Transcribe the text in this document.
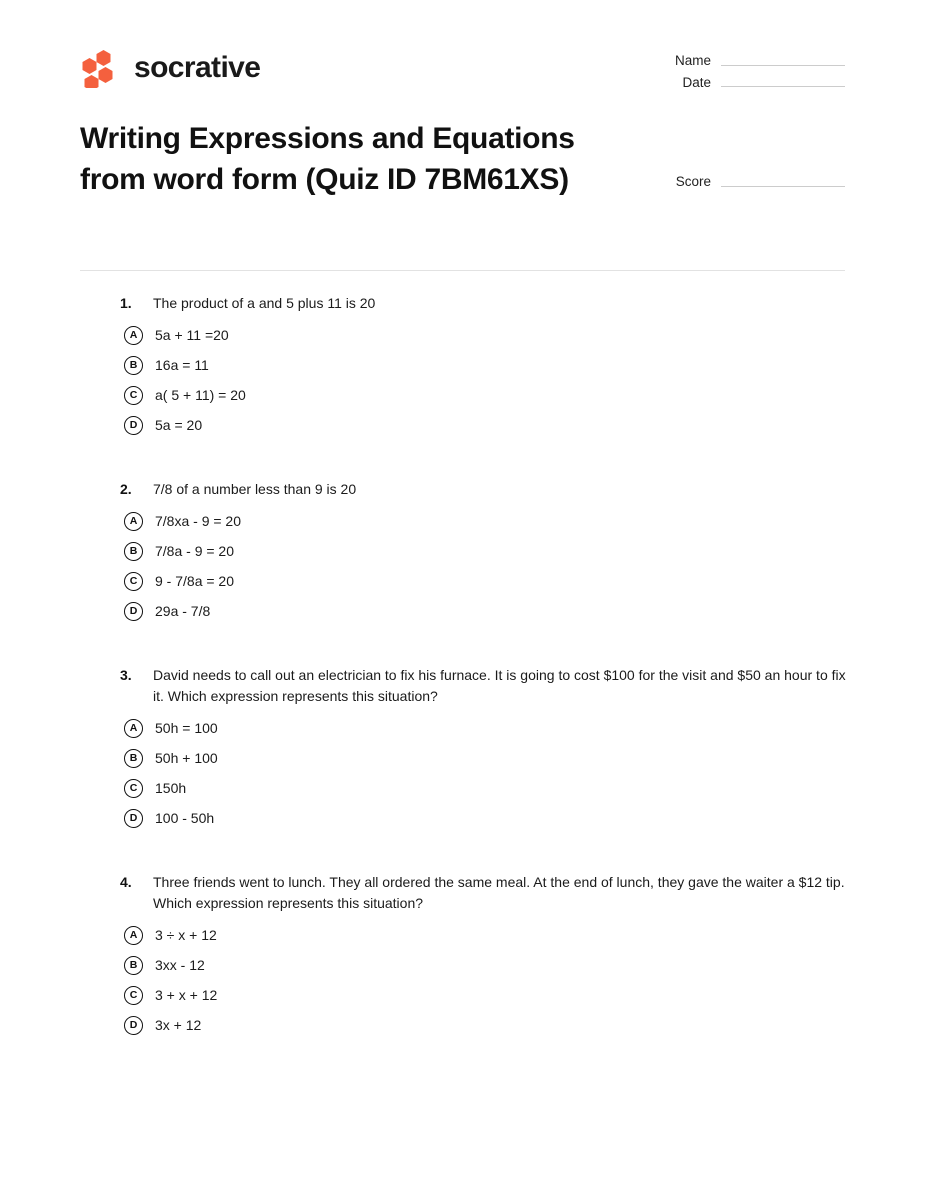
socrative	Name
Date
Writing Expressions and Equations from word form (Quiz ID 7BM61XS)	Score
1.	The product of a and 5 plus 11 is 20
A	5a + 11 =20
B	16a = 11
C	a( 5 + 11) = 20
D	5a = 20
2.	7/8 of a number less than 9 is 20
A	7/8xa - 9 = 20
B	7/8a - 9 = 20
C	9 - 7/8a = 20
D	29a - 7/8
3.	David needs to call out an electrician to fix his furnace. It is going to cost $100 for the visit and $50 an hour to fix it. Which expression represents this situation?
A	50h = 100
B	50h + 100
C	150h
D	100 - 50h
4.	Three friends went to lunch. They all ordered the same meal. At the end of lunch, they gave the waiter a $12 tip. Which expression represents this situation?
A	3 ÷ x + 12
B	3xx - 12
C	3 + x + 12
D	3x + 12
